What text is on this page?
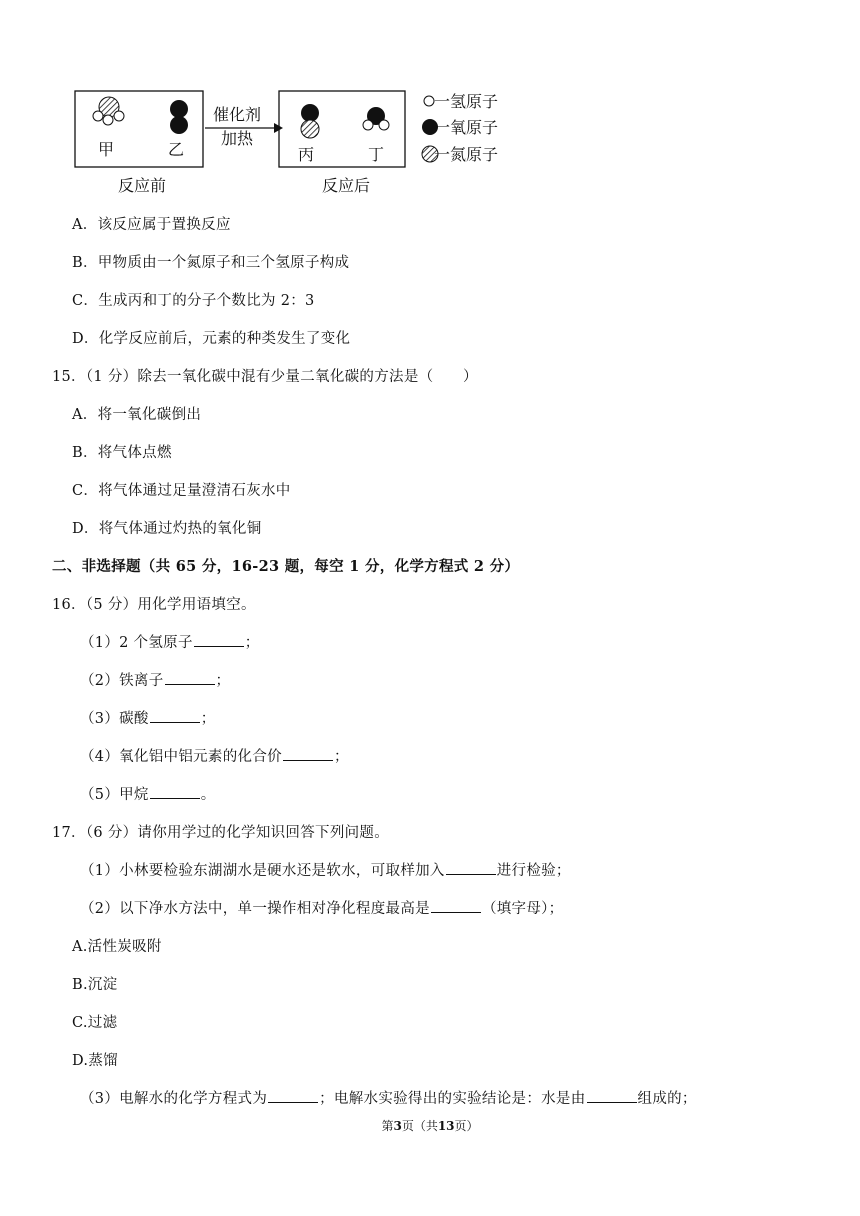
甲	乙
催化剂
加热
丙	丁
一氢原子
一氧原子
一氮原子
反应前	反应后
A．该反应属于置换反应
B．甲物质由一个氮原子和三个氢原子构成
C．生成丙和丁的分子个数比为 2：3
D．化学反应前后，元素的种类发生了变化
15．（1 分）除去一氧化碳中混有少量二氧化碳的方法是（　　）
A．将一氧化碳倒出
B．将气体点燃
C．将气体通过足量澄清石灰水中
D．将气体通过灼热的氧化铜
二、非选择题（共 65 分，16-23 题，每空 1 分，化学方程式 2 分）
16．（5 分）用化学用语填空。
（1）2 个氢原子	；
（2）铁离子	；
（3）碳酸	；
（4）氧化铝中铝元素的化合价	；
（5）甲烷	。
17．（6 分）请你用学过的化学知识回答下列问题。
（1）小林要检验东湖湖水是硬水还是软水，可取样加入	进行检验；
（2）以下净水方法中，单一操作相对净化程度最高是	（填字母）；
A.活性炭吸附
B.沉淀
C.过滤
D.蒸馏
（3）电解水的化学方程式为	；电解水实验得出的实验结论是：水是由	组成的；
第3页（共13页）
